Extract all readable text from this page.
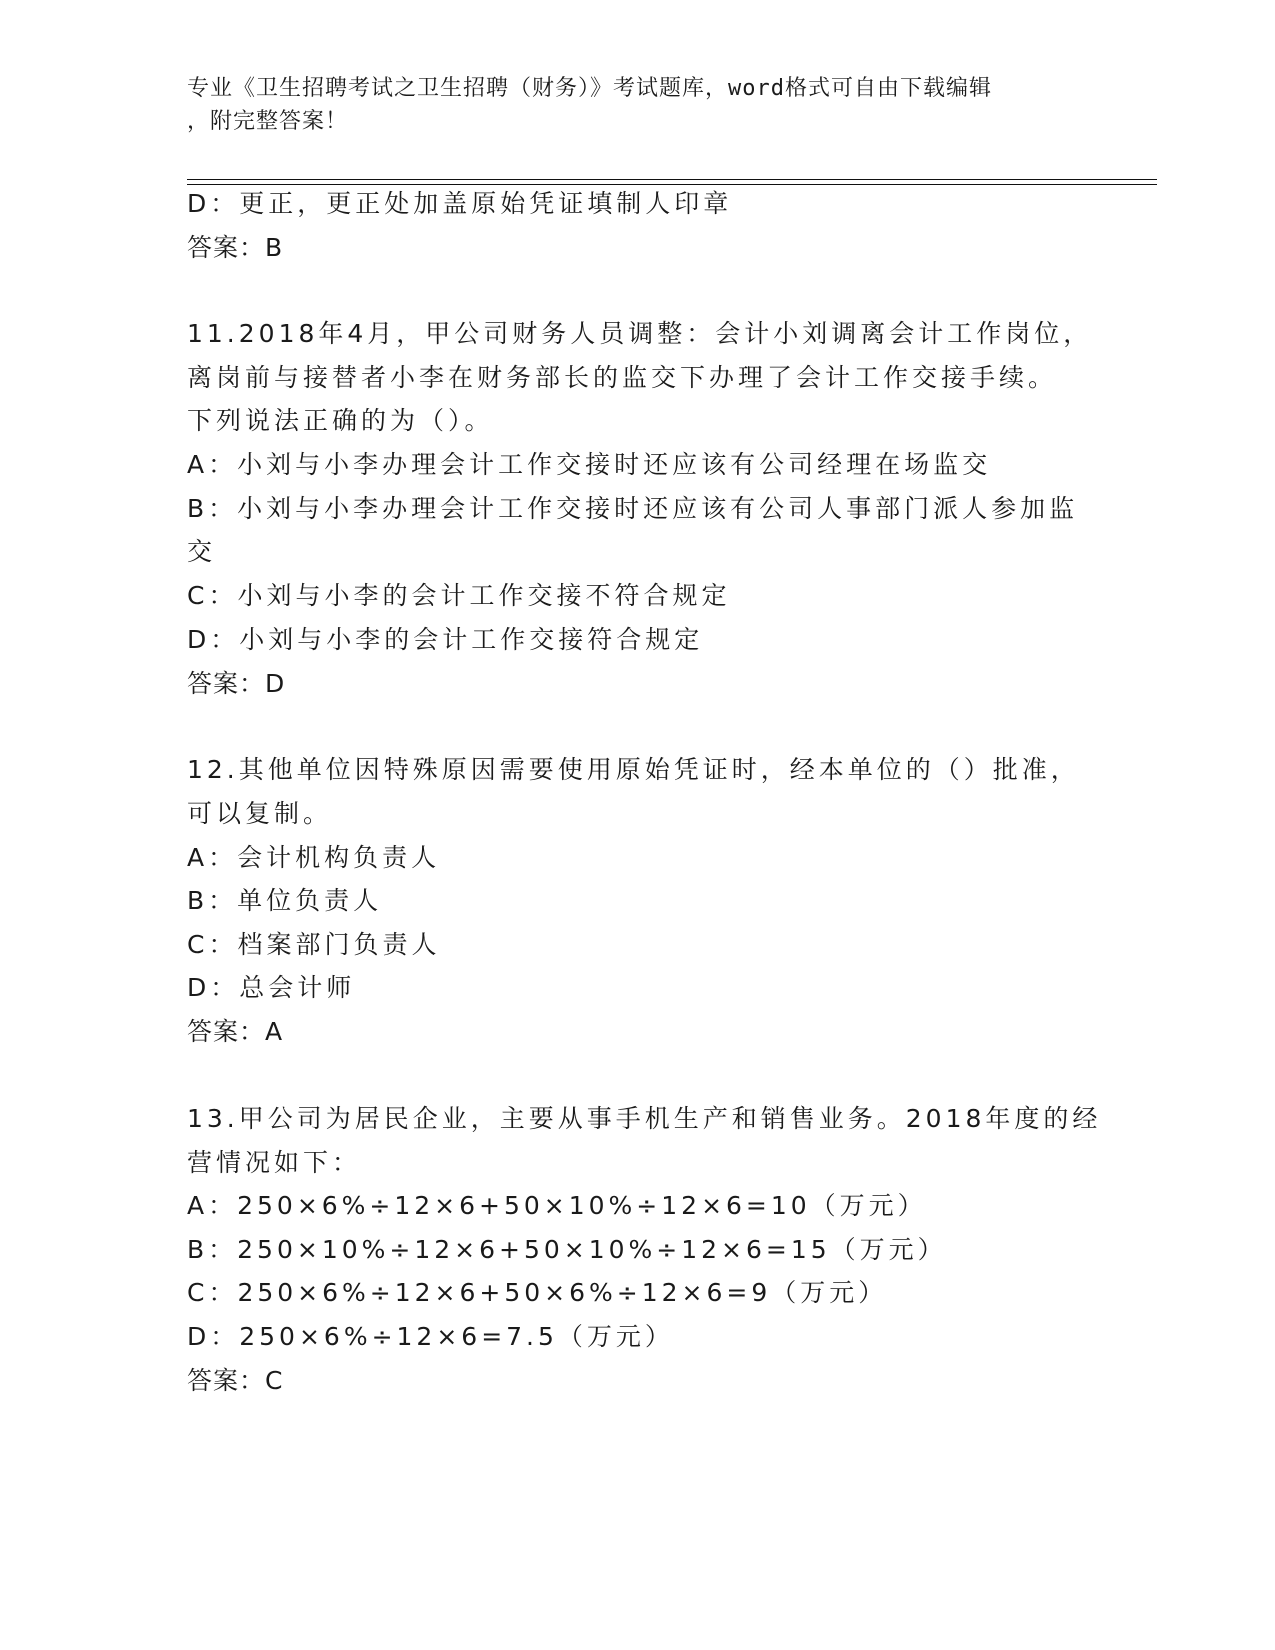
专业《卫生招聘考试之卫生招聘（财务）》考试题库，word格式可自由下载编辑
，附完整答案！
D：更正，更正处加盖原始凭证填制人印章
答案：B
11.2018年4月，甲公司财务人员调整：会计小刘调离会计工作岗位，
离岗前与接替者小李在财务部长的监交下办理了会计工作交接手续。
下列说法正确的为（）。
A：小刘与小李办理会计工作交接时还应该有公司经理在场监交
B：小刘与小李办理会计工作交接时还应该有公司人事部门派人参加监
交
C：小刘与小李的会计工作交接不符合规定
D：小刘与小李的会计工作交接符合规定
答案：D
12.其他单位因特殊原因需要使用原始凭证时，经本单位的（）批准，
可以复制。
A：会计机构负责人
B：单位负责人
C：档案部门负责人
D：总会计师
答案：A
13.甲公司为居民企业，主要从事手机生产和销售业务。2018年度的经
营情况如下：
A：250×6%÷12×6+50×10%÷12×6=10（万元）
B：250×10%÷12×6+50×10%÷12×6=15（万元）
C：250×6%÷12×6+50×6%÷12×6=9（万元）
D：250×6%÷12×6=7.5（万元）
答案：C
